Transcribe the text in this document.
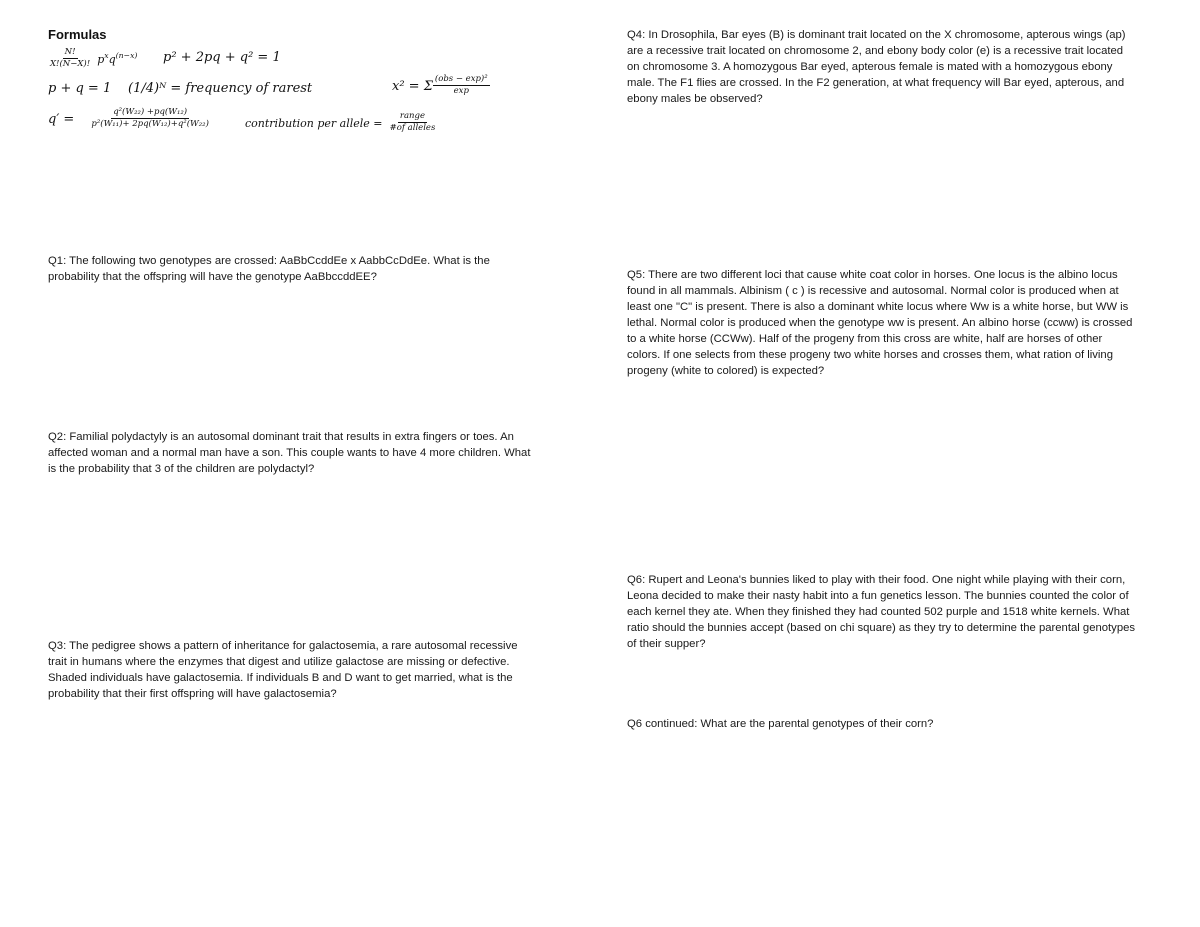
Formulas
$\frac{N!}{X!(N-X)!} p^xq^{(n-x)}$ p² + 2pq + q² = 1
p + q = 1 (1/4)ᴺ = frequency of rarest	x² = Σ $\frac{\text{(obs − exp)²}}{\exp}$
$q' = \frac{\text{q²(W₂₂) +pq(W₁₂)}}{\text{p²(W₁₁)+ 2pq(W₁₂)+q²(W₂₂)}}$	contribution per allele = $\frac{\text{range}}{\text{\#of alleles}}$

Q1: The following two genotypes are crossed: AaBbCcddEe x AabbCcDdEe. What is the
probability that the offspring will have the genotype AaBbccddEE?

Q2: Familial polydactyly is an autosomal dominant trait that results in extra fingers or toes. An
affected woman and a normal man have a son. This couple wants to have 4 more children. What
is the probability that 3 of the children are polydactyl?

Q3: The pedigree shows a pattern of inheritance for galactosemia, a rare autosomal recessive
trait in humans where the enzymes that digest and utilize galactose are missing or defective.
Shaded individuals have galactosemia. If individuals B and D want to get married, what is the
probability that their first offspring will have galactosemia?

Q4: In Drosophila, Bar eyes (B) is dominant trait located on the X chromosome, apterous wings (ap)
are a recessive trait located on chromosome 2, and ebony body color (e) is a recessive trait located
on chromosome 3. A homozygous Bar eyed, apterous female is mated with a homozygous ebony
male. The F1 flies are crossed. In the F2 generation, at what frequency will Bar eyed, apterous, and
ebony males be observed?

Q5: There are two different loci that cause white coat color in horses. One locus is the albino locus
found in all mammals. Albinism ( c ) is recessive and autosomal. Normal color is produced when at
least one "C" is present. There is also a dominant white locus where Ww is a white horse, but WW is
lethal. Normal color is produced when the genotype ww is present. An albino horse (ccww) is crossed
to a white horse (CCWw). Half of the progeny from this cross are white, half are horses of other
colors. If one selects from these progeny two white horses and crosses them, what ration of living
progeny (white to colored) is expected?

Q6: Rupert and Leona's bunnies liked to play with their food. One night while playing with their corn,
Leona decided to make their nasty habit into a fun genetics lesson. The bunnies counted the color of
each kernel they ate. When they finished they had counted 502 purple and 1518 white kernels. What
ratio should the bunnies accept (based on chi square) as they try to determine the parental genotypes
of their supper?

Q6 continued: What are the parental genotypes of their corn?
